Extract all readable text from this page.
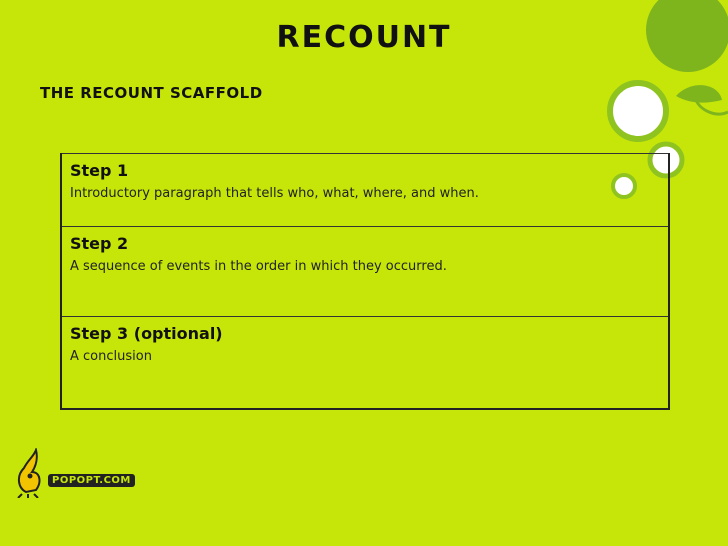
RECOUNT
THE RECOUNT SCAFFOLD
Step 1
Introductory paragraph that tells who, what, where, and when.
Step 2
A sequence of events in the order in which they occurred.
Step 3 (optional)
A conclusion
POPOPT.COM
